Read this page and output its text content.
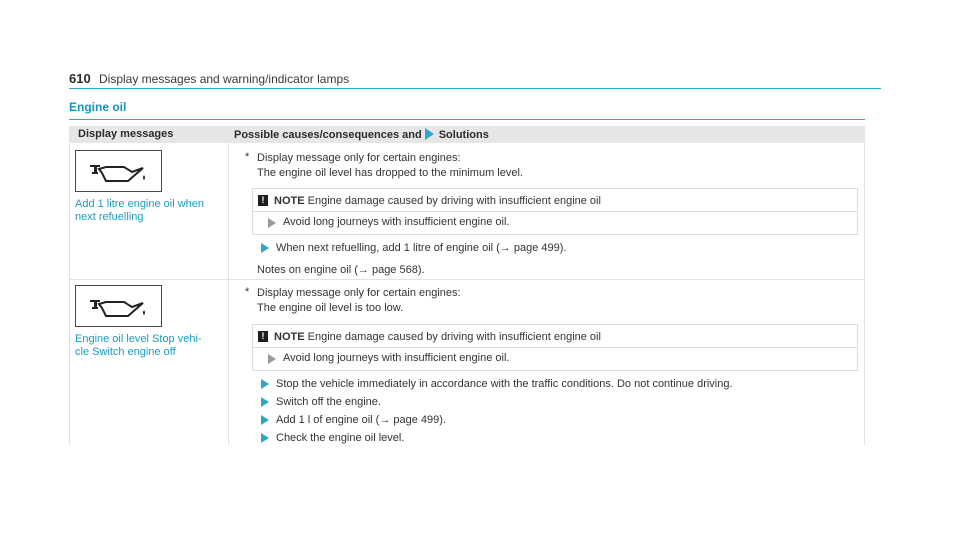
610 Display messages and warning/indicator lamps
Engine oil
Display messages	Possible causes/consequences and Solutions
Add 1 litre engine oil when next refuelling
* Display message only for certain engines:
The engine oil level has dropped to the minimum level.
! NOTE Engine damage caused by driving with insufficient engine oil
Avoid long journeys with insufficient engine oil.
When next refuelling, add 1 litre of engine oil (→ page 499).
Notes on engine oil (→ page 568).
Engine oil level Stop vehi-
cle Switch engine off
* Display message only for certain engines:
The engine oil level is too low.
! NOTE Engine damage caused by driving with insufficient engine oil
Avoid long journeys with insufficient engine oil.
Stop the vehicle immediately in accordance with the traffic conditions. Do not continue driving.
Switch off the engine.
Add 1 l of engine oil (→ page 499).
Check the engine oil level.
